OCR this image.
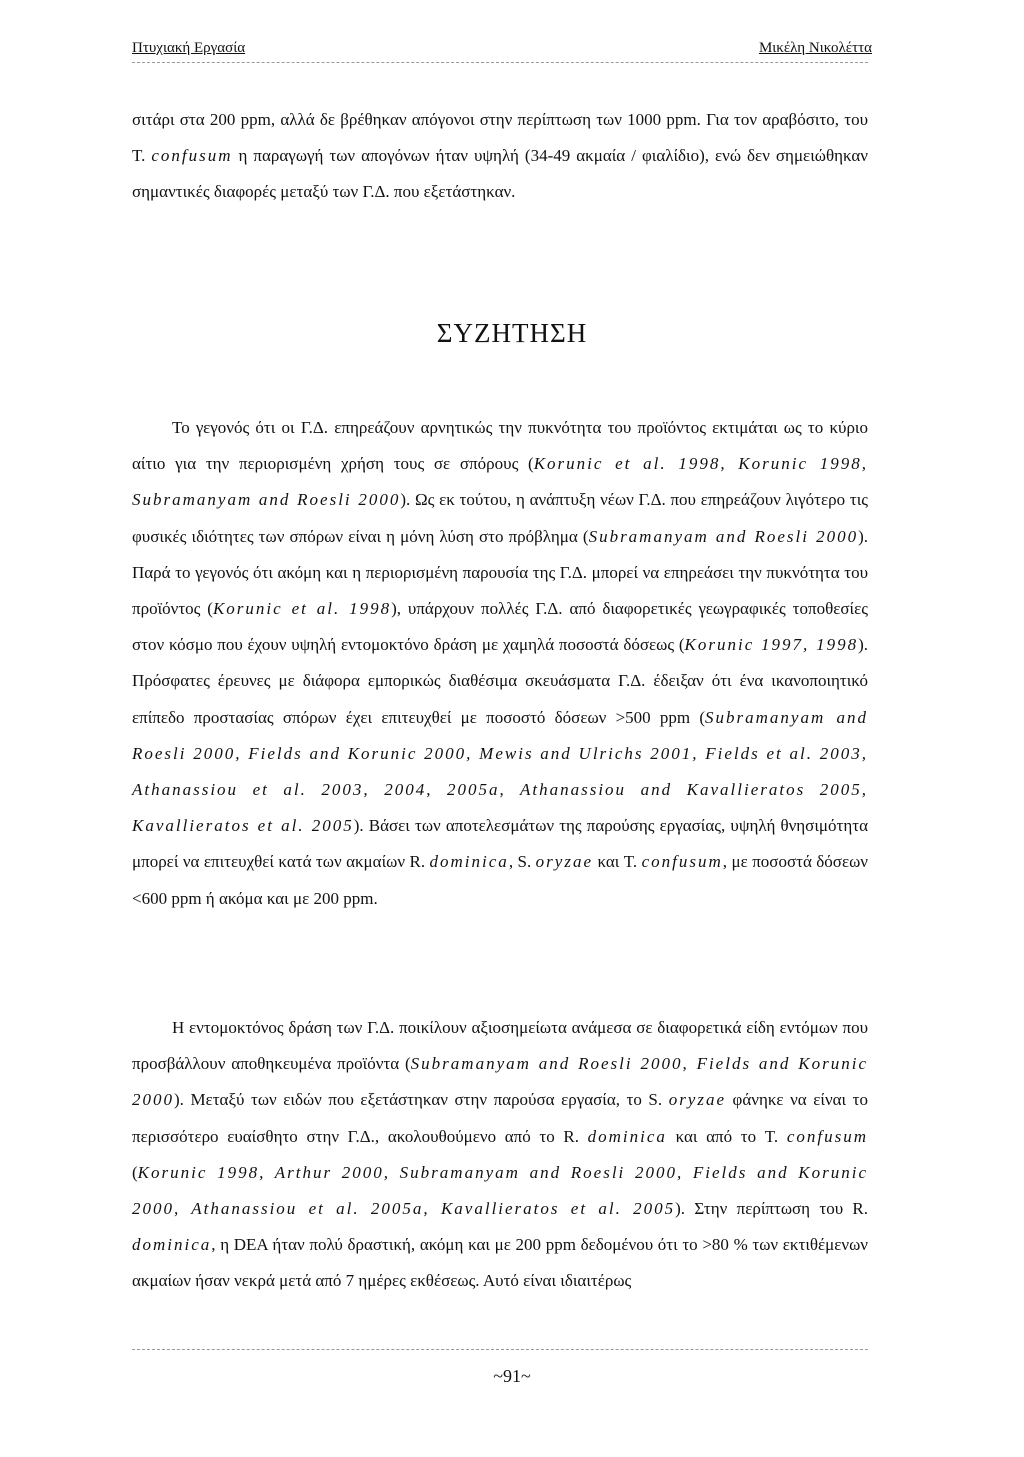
Πτυχιακή Εργασία	Μικέλη Νικολέττα
σιτάρι στα 200 ppm, αλλά δε βρέθηκαν απόγονοι στην περίπτωση των 1000 ppm. Για τον αραβόσιτο, του T. confusum η παραγωγή των απογόνων ήταν υψηλή (34-49 ακμαία / φιαλίδιο), ενώ δεν σημειώθηκαν σημαντικές διαφορές μεταξύ των Γ.Δ. που εξετάστηκαν.
ΣΥΖΗΤΗΣΗ
Το γεγονός ότι οι Γ.Δ. επηρεάζουν αρνητικώς την πυκνότητα του προϊόντος εκτιμάται ως το κύριο αίτιο για την περιορισμένη χρήση τους σε σπόρους (Korunic et al. 1998, Korunic 1998, Subramanyam and Roesli 2000). Ως εκ τούτου, η ανάπτυξη νέων Γ.Δ. που επηρεάζουν λιγότερο τις φυσικές ιδιότητες των σπόρων είναι η μόνη λύση στο πρόβλημα (Subramanyam and Roesli 2000). Παρά το γεγονός ότι ακόμη και η περιορισμένη παρουσία της Γ.Δ. μπορεί να επηρεάσει την πυκνότητα του προϊόντος (Korunic et al. 1998), υπάρχουν πολλές Γ.Δ. από διαφορετικές γεωγραφικές τοποθεσίες στον κόσμο που έχουν υψηλή εντομοκτόνο δράση με χαμηλά ποσοστά δόσεως (Korunic 1997, 1998). Πρόσφατες έρευνες με διάφορα εμπορικώς διαθέσιμα σκευάσματα Γ.Δ. έδειξαν ότι ένα ικανοποιητικό επίπεδο προστασίας σπόρων έχει επιτευχθεί με ποσοστό δόσεων >500 ppm (Subramanyam and Roesli 2000, Fields and Korunic 2000, Mewis and Ulrichs 2001, Fields et al. 2003, Athanassiou et al. 2003, 2004, 2005a, Athanassiou and Kavallieratos 2005, Kavallieratos et al. 2005). Βάσει των αποτελεσμάτων της παρούσης εργασίας, υψηλή θνησιμότητα μπορεί να επιτευχθεί κατά των ακμαίων R. dominica, S. oryzae και T. confusum, με ποσοστά δόσεων <600 ppm ή ακόμα και με 200 ppm.
Η εντομοκτόνος δράση των Γ.Δ. ποικίλουν αξιοσημείωτα ανάμεσα σε διαφορετικά είδη εντόμων που προσβάλλουν αποθηκευμένα προϊόντα (Subramanyam and Roesli 2000, Fields and Korunic 2000). Μεταξύ των ειδών που εξετάστηκαν στην παρούσα εργασία, το S. oryzae φάνηκε να είναι το περισσότερο ευαίσθητο στην Γ.Δ., ακολουθούμενο από το R. dominica και από το T. confusum (Korunic 1998, Arthur 2000, Subramanyam and Roesli 2000, Fields and Korunic 2000, Athanassiou et al. 2005a, Kavallieratos et al. 2005). Στην περίπτωση του R. dominica, η DEA ήταν πολύ δραστική, ακόμη και με 200 ppm δεδομένου ότι το >80 % των εκτιθέμενων ακμαίων ήσαν νεκρά μετά από 7 ημέρες εκθέσεως. Αυτό είναι ιδιαιτέρως
~91~
